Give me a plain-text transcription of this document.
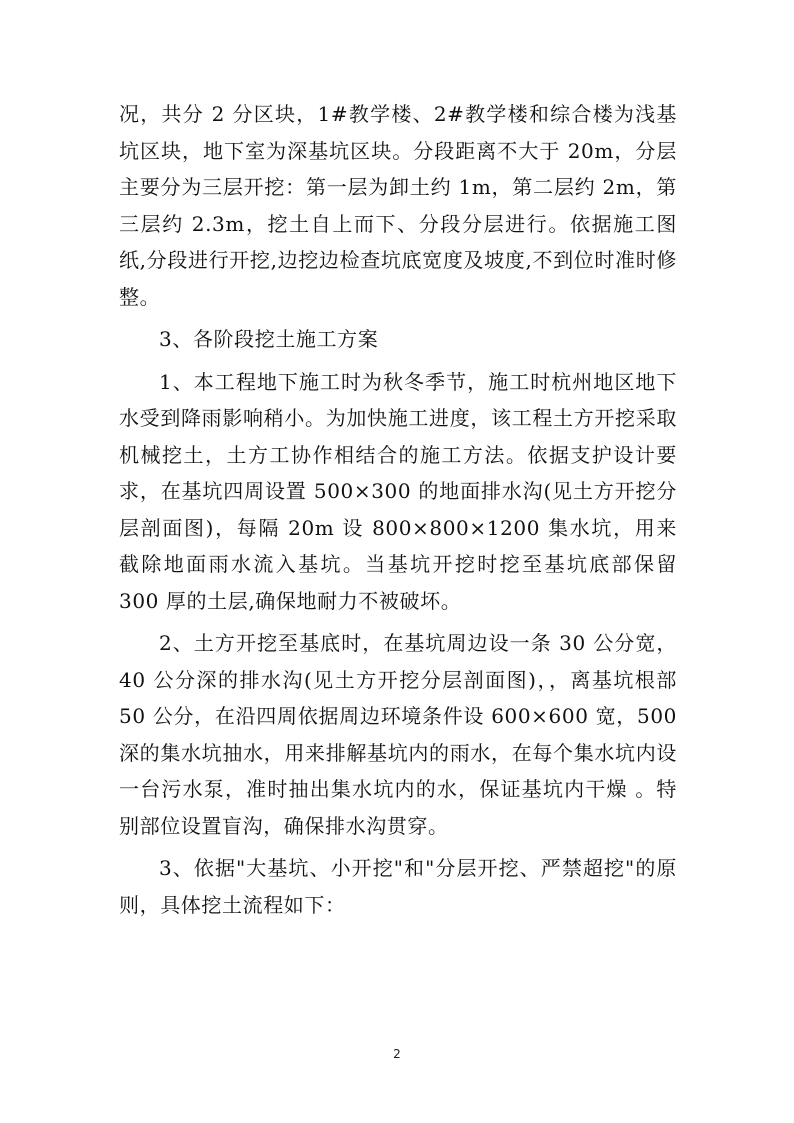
况，共分 2 分区块，1#教学楼、2#教学楼和综合楼为浅基坑区块，地下室为深基坑区块。分段距离不大于 20m，分层主要分为三层开挖：第一层为卸土约 1m，第二层约 2m，第三层约 2.3m，挖土自上而下、分段分层进行。依据施工图纸,分段进行开挖,边挖边检查坑底宽度及坡度,不到位时准时修整。

3、各阶段挖土施工方案

1、本工程地下施工时为秋冬季节，施工时杭州地区地下水受到降雨影响稍小。为加快施工进度，该工程土方开挖采取机械挖土，土方工协作相结合的施工方法。依据支护设计要求，在基坑四周设置 500×300 的地面排水沟(见土方开挖分层剖面图)，每隔 20m 设 800×800×1200 集水坑，用来截除地面雨水流入基坑。当基坑开挖时挖至基坑底部保留 300 厚的土层,确保地耐力不被破坏。

2、土方开挖至基底时，在基坑周边设一条 30 公分宽，40 公分深的排水沟(见土方开挖分层剖面图)，，离基坑根部 50 公分，在沿四周依据周边环境条件设 600×600 宽，500 深的集水坑抽水，用来排解基坑内的雨水，在每个集水坑内设一台污水泵，准时抽出集水坑内的水，保证基坑内干燥 。特别部位设置盲沟，确保排水沟贯穿。

3、依据"大基坑、小开挖"和"分层开挖、严禁超挖"的原则，具体挖土流程如下：

2
